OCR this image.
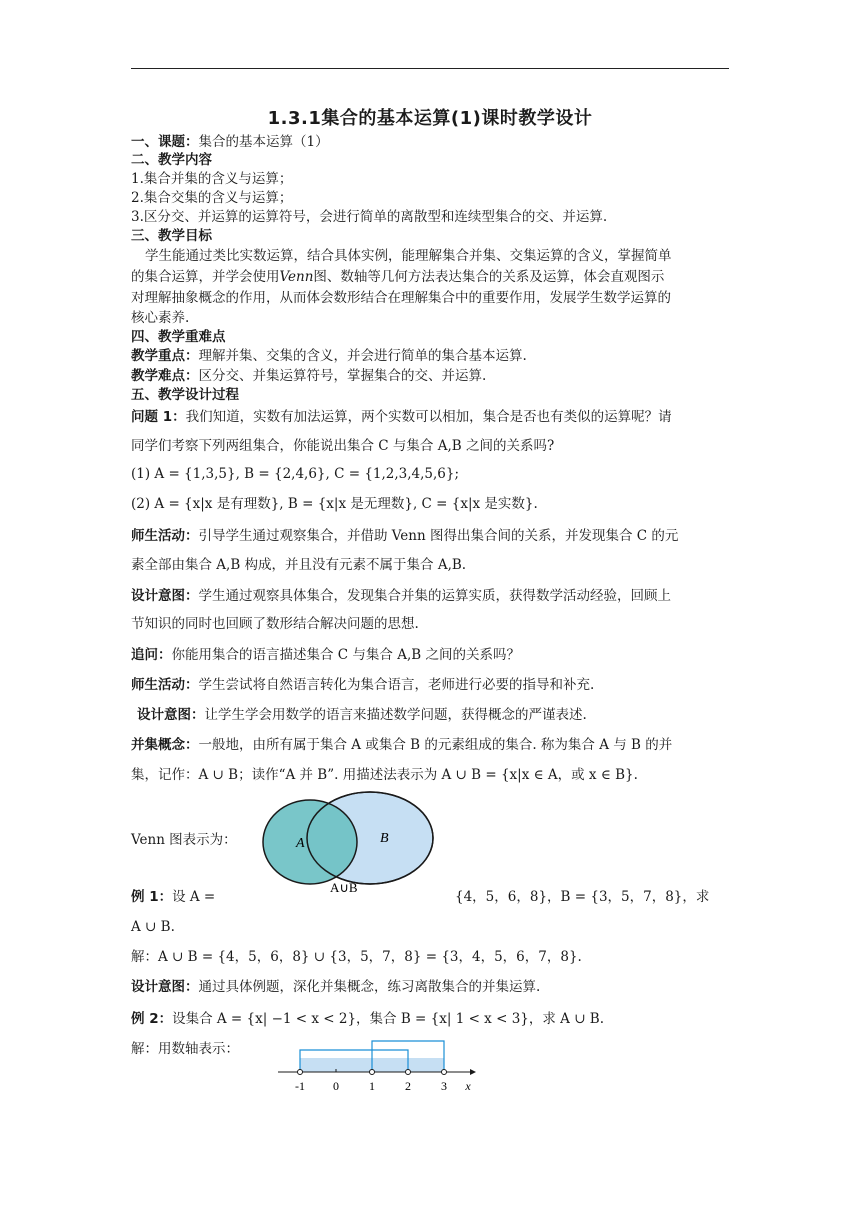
1.3.1集合的基本运算(1)课时教学设计
一、课题：集合的基本运算（1）
二、教学内容
1.集合并集的含义与运算；
2.集合交集的含义与运算；
3.区分交、并运算的运算符号，会进行简单的离散型和连续型集合的交、并运算.
三、教学目标
学生能通过类比实数运算，结合具体实例，能理解集合并集、交集运算的含义，掌握简单
的集合运算，并学会使用Venn图、数轴等几何方法表达集合的关系及运算，体会直观图示
对理解抽象概念的作用，从而体会数形结合在理解集合中的重要作用，发展学生数学运算的
核心素养.
四、教学重难点
教学重点：理解并集、交集的含义，并会进行简单的集合基本运算.
教学难点：区分交、并集运算符号，掌握集合的交、并运算.
五、教学设计过程
问题 1：我们知道，实数有加法运算，两个实数可以相加，集合是否也有类似的运算呢？请
同学们考察下列两组集合，你能说出集合 C 与集合 A,B 之间的关系吗?
(1) A = {1,3,5}, B = {2,4,6}, C = {1,2,3,4,5,6};
(2) A = {x|x 是有理数}, B = {x|x 是无理数}, C = {x|x 是实数}.
师生活动：引导学生通过观察集合，并借助 Venn 图得出集合间的关系，并发现集合 C 的元
素全部由集合 A,B 构成，并且没有元素不属于集合 A,B.
设计意图：学生通过观察具体集合，发现集合并集的运算实质，获得数学活动经验，回顾上
节知识的同时也回顾了数形结合解决问题的思想.
追问：你能用集合的语言描述集合 C 与集合 A,B 之间的关系吗？
师生活动：学生尝试将自然语言转化为集合语言，老师进行必要的指导和补充.
设计意图：让学生学会用数学的语言来描述数学问题，获得概念的严谨表述.
并集概念：一般地，由所有属于集合 A 或集合 B 的元素组成的集合. 称为集合 A 与 B 的并
集，记作：A ∪ B；读作“A 并 B”. 用描述法表示为 A ∪ B = {x|x ∈ A，或 x ∈ B}.
Venn 图表示为：	A	B
A∪B
例 1：设 A =	{4，5，6，8}，B = {3，5，7，8}，求
A ∪ B.
解：A ∪ B = {4，5，6，8} ∪ {3，5，7，8} = {3，4，5，6，7，8}.
设计意图：通过具体例题，深化并集概念，练习离散集合的并集运算.
例 2：设集合 A = {x| −1 < x < 2}，集合 B = {x| 1 < x < 3}，求 A ∪ B.
解：用数轴表示：
-1 0	1	2	3 x
